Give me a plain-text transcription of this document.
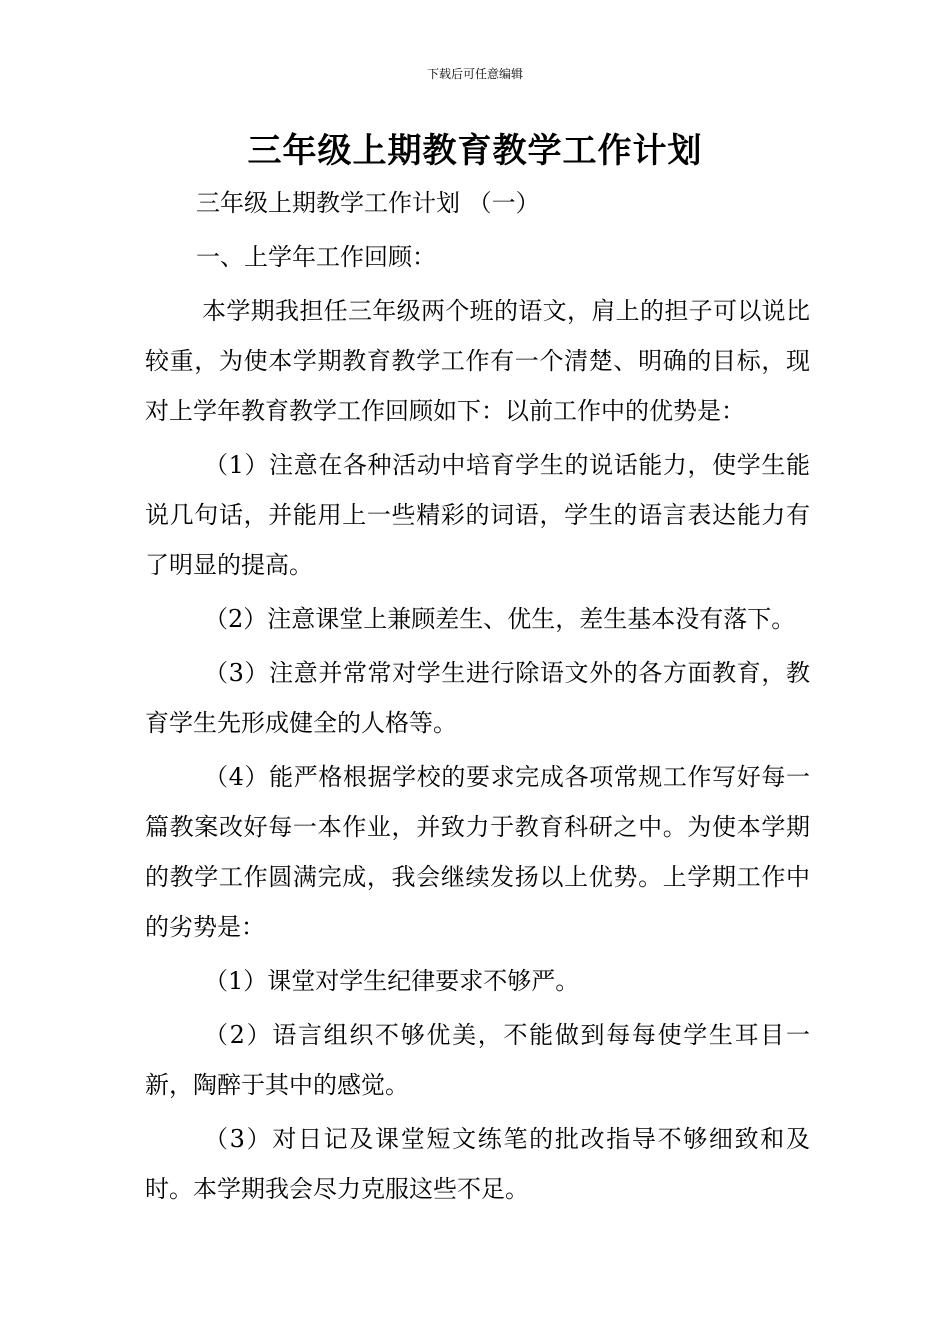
下载后可任意编辑
三年级上期教育教学工作计划

三年级上期教学工作计划 （一）

一、上学年工作回顾：

本学期我担任三年级两个班的语文，肩上的担子可以说比较重，为使本学期教育教学工作有一个清楚、明确的目标，现对上学年教育教学工作回顾如下：以前工作中的优势是：

（1）注意在各种活动中培育学生的说话能力，使学生能说几句话，并能用上一些精彩的词语，学生的语言表达能力有了明显的提高。

（2）注意课堂上兼顾差生、优生，差生基本没有落下。

（3）注意并常常对学生进行除语文外的各方面教育，教育学生先形成健全的人格等。

（4）能严格根据学校的要求完成各项常规工作写好每一篇教案改好每一本作业，并致力于教育科研之中。为使本学期的教学工作圆满完成，我会继续发扬以上优势。上学期工作中的劣势是：

（1）课堂对学生纪律要求不够严。

（2）语言组织不够优美，不能做到每每使学生耳目一新，陶醉于其中的感觉。

（3）对日记及课堂短文练笔的批改指导不够细致和及时。本学期我会尽力克服这些不足。
